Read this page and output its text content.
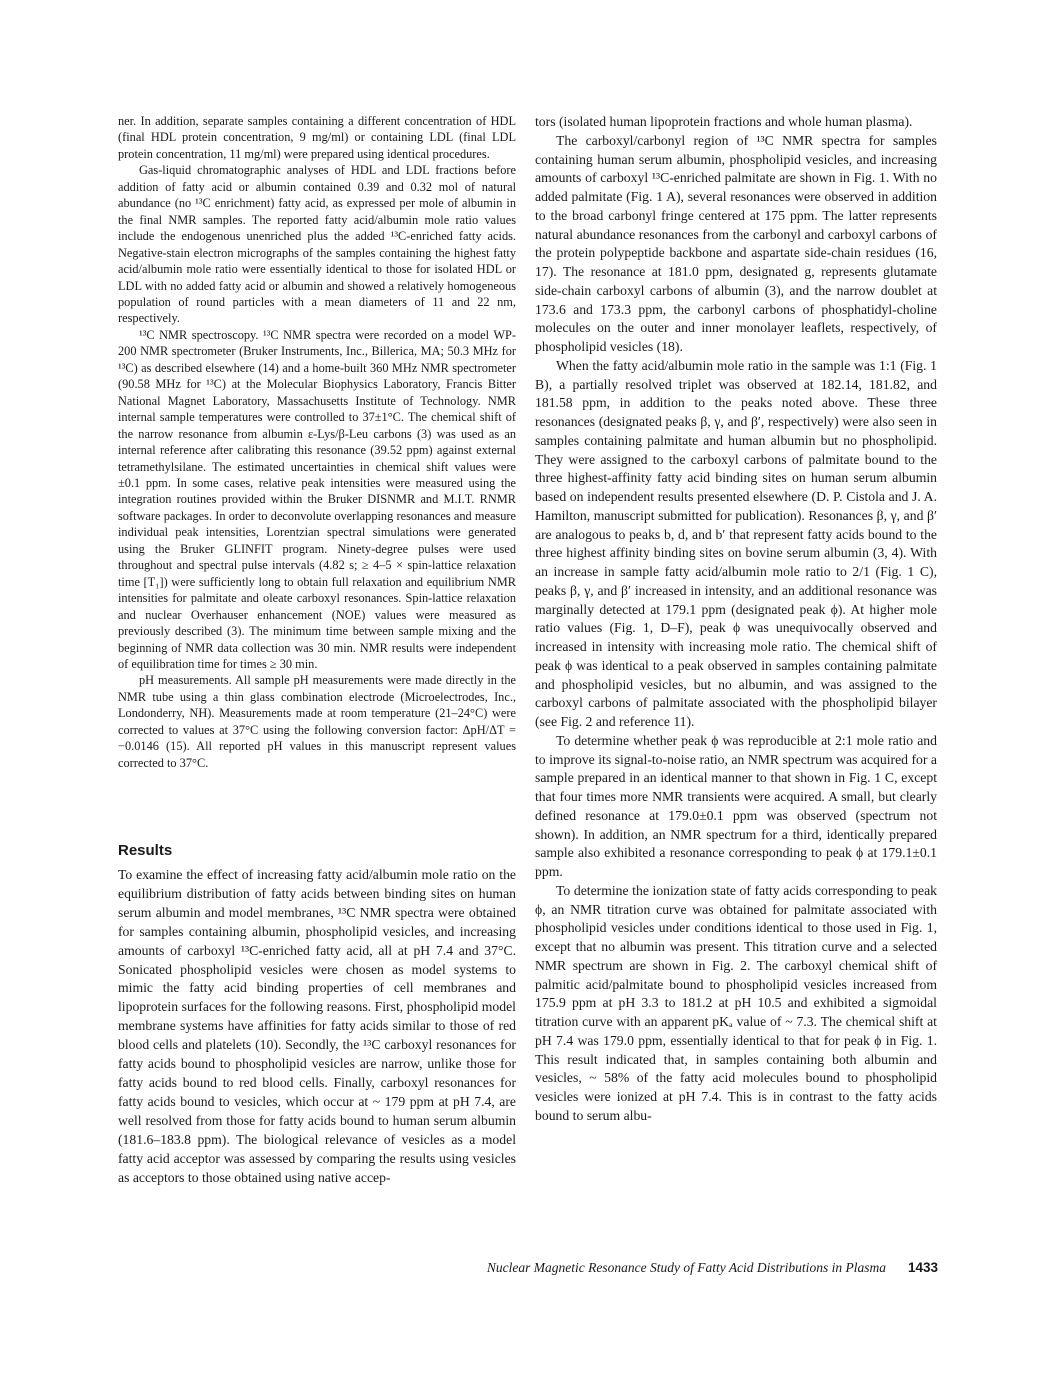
ner. In addition, separate samples containing a different concentration of HDL (final HDL protein concentration, 9 mg/ml) or containing LDL (final LDL protein concentration, 11 mg/ml) were prepared using identical procedures.

Gas-liquid chromatographic analyses of HDL and LDL fractions before addition of fatty acid or albumin contained 0.39 and 0.32 mol of natural abundance (no ¹³C enrichment) fatty acid, as expressed per mole of albumin in the final NMR samples. The reported fatty acid/albumin mole ratio values include the endogenous unenriched plus the added ¹³C-enriched fatty acids. Negative-stain electron micrographs of the samples containing the highest fatty acid/albumin mole ratio were essentially identical to those for isolated HDL or LDL with no added fatty acid or albumin and showed a relatively homogeneous population of round particles with a mean diameters of 11 and 22 nm, respectively.

¹³C NMR spectroscopy. ¹³C NMR spectra were recorded on a model WP-200 NMR spectrometer (Bruker Instruments, Inc., Billerica, MA; 50.3 MHz for ¹³C) as described elsewhere (14) and a home-built 360 MHz NMR spectrometer (90.58 MHz for ¹³C) at the Molecular Biophysics Laboratory, Francis Bitter National Magnet Laboratory, Massachusetts Institute of Technology. NMR internal sample temperatures were controlled to 37±1°C. The chemical shift of the narrow resonance from albumin ε-Lys/β-Leu carbons (3) was used as an internal reference after calibrating this resonance (39.52 ppm) against external tetramethylsilane. The estimated uncertainties in chemical shift values were ±0.1 ppm. In some cases, relative peak intensities were measured using the integration routines provided within the Bruker DISNMR and M.I.T. RNMR software packages. In order to deconvolute overlapping resonances and measure individual peak intensities, Lorentzian spectral simulations were generated using the Bruker GLINFIT program. Ninety-degree pulses were used throughout and spectral pulse intervals (4.82 s; ≥ 4–5 × spin-lattice relaxation time [T₁]) were sufficiently long to obtain full relaxation and equilibrium NMR intensities for palmitate and oleate carboxyl resonances. Spin-lattice relaxation and nuclear Overhauser enhancement (NOE) values were measured as previously described (3). The minimum time between sample mixing and the beginning of NMR data collection was 30 min. NMR results were independent of equilibration time for times ≥ 30 min.

pH measurements. All sample pH measurements were made directly in the NMR tube using a thin glass combination electrode (Microelectrodes, Inc., Londonderry, NH). Measurements made at room temperature (21–24°C) were corrected to values at 37°C using the following conversion factor: ΔpH/ΔT = −0.0146 (15). All reported pH values in this manuscript represent values corrected to 37°C.

Results

To examine the effect of increasing fatty acid/albumin mole ratio on the equilibrium distribution of fatty acids between binding sites on human serum albumin and model membranes, ¹³C NMR spectra were obtained for samples containing albumin, phospholipid vesicles, and increasing amounts of carboxyl ¹³C-enriched fatty acid, all at pH 7.4 and 37°C. Sonicated phospholipid vesicles were chosen as model systems to mimic the fatty acid binding properties of cell membranes and lipoprotein surfaces for the following reasons. First, phospholipid model membrane systems have affinities for fatty acids similar to those of red blood cells and platelets (10). Secondly, the ¹³C carboxyl resonances for fatty acids bound to phospholipid vesicles are narrow, unlike those for fatty acids bound to red blood cells. Finally, carboxyl resonances for fatty acids bound to vesicles, which occur at ~ 179 ppm at pH 7.4, are well resolved from those for fatty acids bound to human serum albumin (181.6–183.8 ppm). The biological relevance of vesicles as a model fatty acid acceptor was assessed by comparing the results using vesicles as acceptors to those obtained using native accep-

tors (isolated human lipoprotein fractions and whole human plasma).

The carboxyl/carbonyl region of ¹³C NMR spectra for samples containing human serum albumin, phospholipid vesicles, and increasing amounts of carboxyl ¹³C-enriched palmitate are shown in Fig. 1. With no added palmitate (Fig. 1 A), several resonances were observed in addition to the broad carbonyl fringe centered at 175 ppm. The latter represents natural abundance resonances from the carbonyl and carboxyl carbons of the protein polypeptide backbone and aspartate side-chain residues (16, 17). The resonance at 181.0 ppm, designated g, represents glutamate side-chain carboxyl carbons of albumin (3), and the narrow doublet at 173.6 and 173.3 ppm, the carbonyl carbons of phosphatidyl-choline molecules on the outer and inner monolayer leaflets, respectively, of phospholipid vesicles (18).

When the fatty acid/albumin mole ratio in the sample was 1:1 (Fig. 1 B), a partially resolved triplet was observed at 182.14, 181.82, and 181.58 ppm, in addition to the peaks noted above. These three resonances (designated peaks β, γ, and β′, respectively) were also seen in samples containing palmitate and human albumin but no phospholipid. They were assigned to the carboxyl carbons of palmitate bound to the three highest-affinity fatty acid binding sites on human serum albumin based on independent results presented elsewhere (D. P. Cistola and J. A. Hamilton, manuscript submitted for publication). Resonances β, γ, and β′ are analogous to peaks b, d, and b′ that represent fatty acids bound to the three highest affinity binding sites on bovine serum albumin (3, 4). With an increase in sample fatty acid/albumin mole ratio to 2/1 (Fig. 1 C), peaks β, γ, and β′ increased in intensity, and an additional resonance was marginally detected at 179.1 ppm (designated peak ϕ). At higher mole ratio values (Fig. 1, D–F), peak ϕ was unequivocally observed and increased in intensity with increasing mole ratio. The chemical shift of peak ϕ was identical to a peak observed in samples containing palmitate and phospholipid vesicles, but no albumin, and was assigned to the carboxyl carbons of palmitate associated with the phospholipid bilayer (see Fig. 2 and reference 11).

To determine whether peak ϕ was reproducible at 2:1 mole ratio and to improve its signal-to-noise ratio, an NMR spectrum was acquired for a sample prepared in an identical manner to that shown in Fig. 1 C, except that four times more NMR transients were acquired. A small, but clearly defined resonance at 179.0±0.1 ppm was observed (spectrum not shown). In addition, an NMR spectrum for a third, identically prepared sample also exhibited a resonance corresponding to peak ϕ at 179.1±0.1 ppm.

To determine the ionization state of fatty acids corresponding to peak ϕ, an NMR titration curve was obtained for palmitate associated with phospholipid vesicles under conditions identical to those used in Fig. 1, except that no albumin was present. This titration curve and a selected NMR spectrum are shown in Fig. 2. The carboxyl chemical shift of palmitic acid/palmitate bound to phospholipid vesicles increased from 175.9 ppm at pH 3.3 to 181.2 at pH 10.5 and exhibited a sigmoidal titration curve with an apparent pKₐ value of ~ 7.3. The chemical shift at pH 7.4 was 179.0 ppm, essentially identical to that for peak ϕ in Fig. 1. This result indicated that, in samples containing both albumin and vesicles, ~ 58% of the fatty acid molecules bound to phospholipid vesicles were ionized at pH 7.4. This is in contrast to the fatty acids bound to serum albu-

Nuclear Magnetic Resonance Study of Fatty Acid Distributions in Plasma 1433
